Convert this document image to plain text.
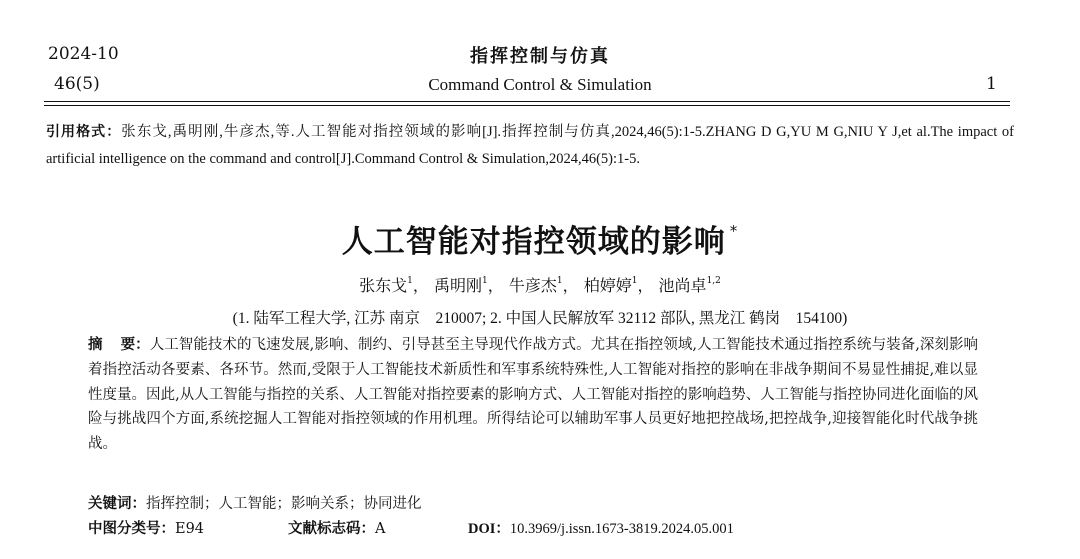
2024-10
46(5)
指挥控制与仿真
Command Control & Simulation	1
引用格式：张东戈,禹明刚,牛彦杰,等.人工智能对指控领域的影响[J].指挥控制与仿真,2024,46(5):1-5.ZHANG D G,YU M G,NIU Y J,et al.The impact of artificial intelligence on the command and control[J].Command Control & Simulation,2024,46(5):1-5.
人工智能对指控领域的影响 *
张东戈$^1$， 禹明刚$^1$， 牛彦杰$^1$， 柏婷婷$^1$， 池尚卓$^{1,2}$
(1. 陆军工程大学, 江苏 南京　210007; 2. 中国人民解放军 32112 部队, 黑龙江 鹤岗　154100)
摘 要：人工智能技术的飞速发展,影响、制约、引导甚至主导现代作战方式。尤其在指控领域,人工智能技术通过指控系统与装备,深刻影响着指控活动各要素、各环节。然而,受限于人工智能技术新质性和军事系统特殊性,人工智能对指控的影响在非战争期间不易显性捕捉,难以显性度量。因此,从人工智能与指控的关系、人工智能对指控要素的影响方式、人工智能对指控的影响趋势、人工智能与指控协同进化面临的风险与挑战四个方面,系统挖掘人工智能对指控领域的作用机理。所得结论可以辅助军事人员更好地把控战场,把控战争,迎接智能化时代战争挑战。
关键词：指挥控制；人工智能；影响关系；协同进化
中图分类号：E94	文献标志码：A	DOI：10.3969/j.issn.1673-3819.2024.05.001
